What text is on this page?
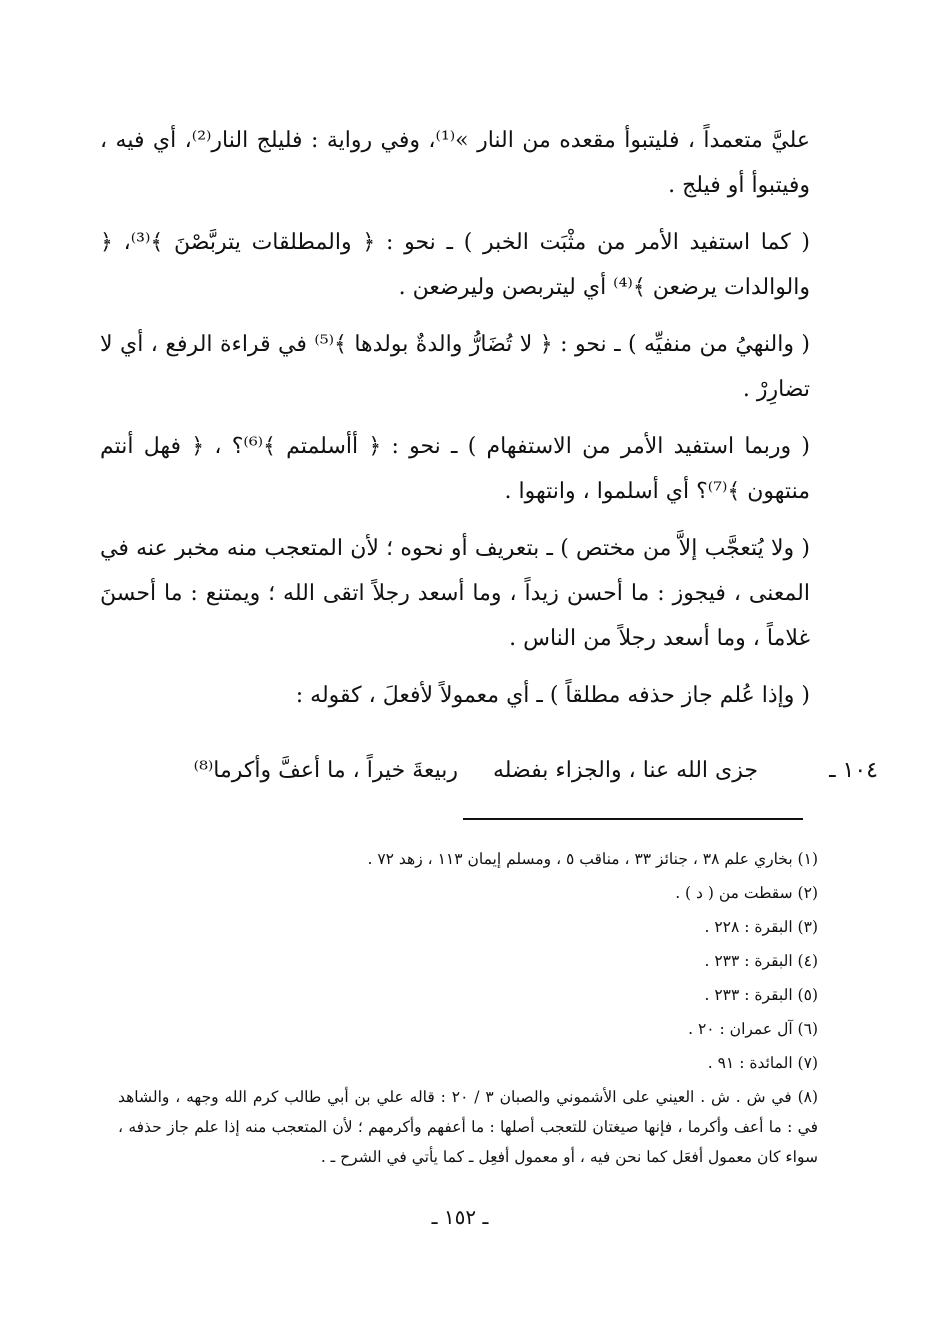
عليَّ متعمداً ، فليتبوأ مقعده من النار »⁽¹⁾، وفي رواية : فليلج النار⁽²⁾، أي فيه ، وفيتبوأ أو فيلج .

( كما استفيد الأمر من مثْبَت الخبر ) ـ نحو : ﴿ والمطلقات يتربَّصْنَ ﴾⁽³⁾، ﴿ والوالدات يرضعن ﴾⁽⁴⁾ أي ليتربصن وليرضعن .

( والنهيُ من منفيِّه ) ـ نحو : ﴿ لا تُضَارُّ والدةٌ بولدها ﴾⁽⁵⁾ في قراءة الرفع ، أي لا تضارِرْ .

( وربما استفيد الأمر من الاستفهام ) ـ نحو : ﴿ أأسلمتم ﴾⁽⁶⁾؟ ، ﴿ فهل أنتم منتهون ﴾⁽⁷⁾؟ أي أسلموا ، وانتهوا .

( ولا يُتعجَّب إلاَّ من مختص ) ـ بتعريف أو نحوه ؛ لأن المتعجب منه مخبر عنه في المعنى ، فيجوز : ما أحسن زيداً ، وما أسعد رجلاً اتقى الله ؛ ويمتنع : ما أحسنَ غلاماً ، وما أسعد رجلاً من الناس .

( وإذا عُلم جاز حذفه مطلقاً ) ـ أي معمولاً لأفعلَ ، كقوله :

١٠٤ ـ
جزى الله عنا ، والجزاء بفضله
ربيعةَ خيراً ، ما أعفَّ وأكرما⁽⁸⁾

(١) بخاري علم ٣٨ ، جنائز ٣٣ ، مناقب ٥ ، ومسلم إيمان ١١٣ ، زهد ٧٢ .

(٢) سقطت من ( د ) .

(٣) البقرة : ٢٢٨ .

(٤) البقرة : ٢٣٣ .

(٥) البقرة : ٢٣٣ .

(٦) آل عمران : ٢٠ .

(٧) المائدة : ٩١ .

(٨) في ش . ش . العيني على الأشموني والصبان ٣ / ٢٠ : قاله علي بن أبي طالب كرم الله وجهه ، والشاهد في : ما أعف وأكرما ، فإنها صيغتان للتعجب أصلها : ما أعفهم وأكرمهم ؛ لأن المتعجب منه إذا علم جاز حذفه ، سواء كان معمول أفعَل كما نحن فيه ، أو معمول أفعِل ـ كما يأتي في الشرح ـ .

ـ ١٥٢ ـ
